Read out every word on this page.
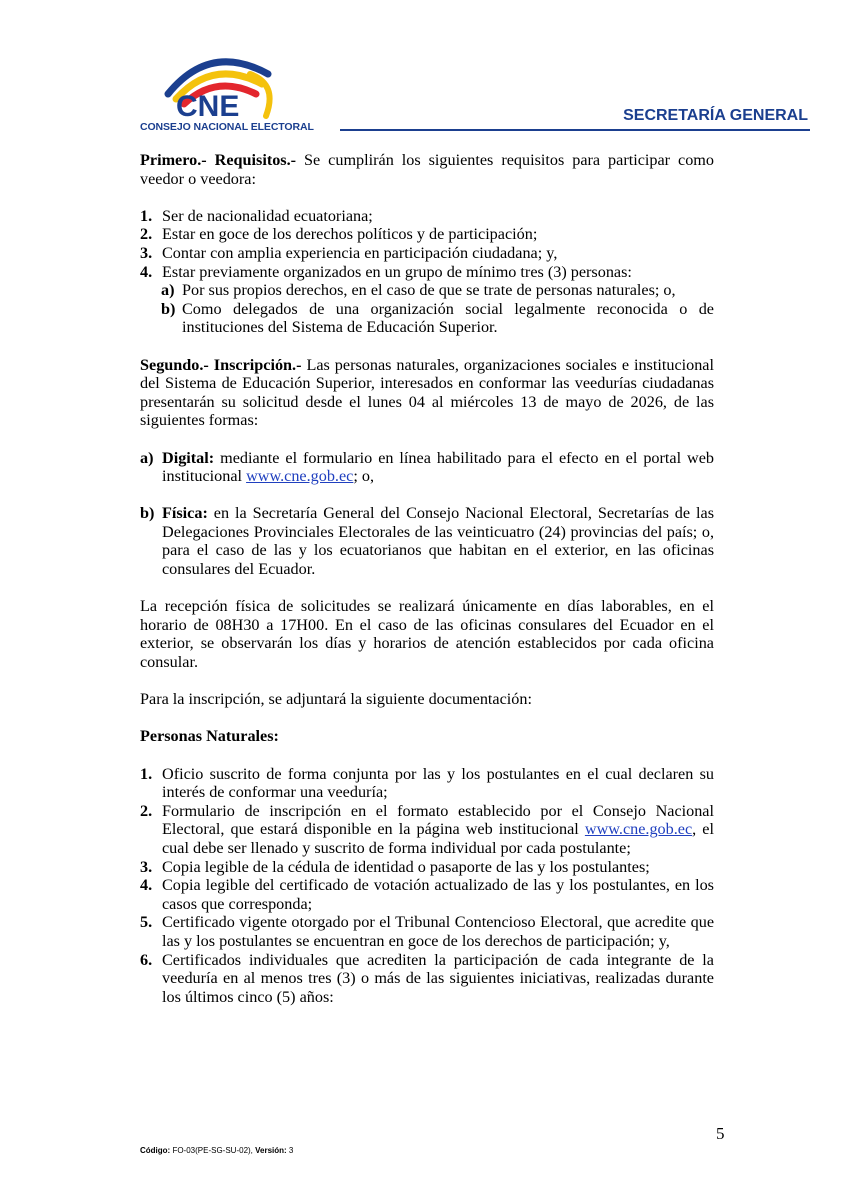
CNE
CONSEJO NACIONAL ELECTORAL
SECRETARÍA GENERAL

Primero.- Requisitos.- Se cumplirán los siguientes requisitos para participar como veedor o veedora:

1. Ser de nacionalidad ecuatoriana;
2. Estar en goce de los derechos políticos y de participación;
3. Contar con amplia experiencia en participación ciudadana; y,
4. Estar previamente organizados en un grupo de mínimo tres (3) personas:
a) Por sus propios derechos, en el caso de que se trate de personas naturales; o,
b) Como delegados de una organización social legalmente reconocida o de instituciones del Sistema de Educación Superior.

Segundo.- Inscripción.- Las personas naturales, organizaciones sociales e institucional del Sistema de Educación Superior, interesados en conformar las veedurías ciudadanas presentarán su solicitud desde el lunes 04 al miércoles 13 de mayo de 2026, de las siguientes formas:

a) Digital: mediante el formulario en línea habilitado para el efecto en el portal web institucional www.cne.gob.ec; o,
b) Física: en la Secretaría General del Consejo Nacional Electoral, Secretarías de las Delegaciones Provinciales Electorales de las veinticuatro (24) provincias del país; o, para el caso de las y los ecuatorianos que habitan en el exterior, en las oficinas consulares del Ecuador.

La recepción física de solicitudes se realizará únicamente en días laborables, en el horario de 08H30 a 17H00. En el caso de las oficinas consulares del Ecuador en el exterior, se observarán los días y horarios de atención establecidos por cada oficina consular.

Para la inscripción, se adjuntará la siguiente documentación:

Personas Naturales:

1. Oficio suscrito de forma conjunta por las y los postulantes en el cual declaren su interés de conformar una veeduría;
2. Formulario de inscripción en el formato establecido por el Consejo Nacional Electoral, que estará disponible en la página web institucional www.cne.gob.ec, el cual debe ser llenado y suscrito de forma individual por cada postulante;
3. Copia legible de la cédula de identidad o pasaporte de las y los postulantes;
4. Copia legible del certificado de votación actualizado de las y los postulantes, en los casos que corresponda;
5. Certificado vigente otorgado por el Tribunal Contencioso Electoral, que acredite que las y los postulantes se encuentran en goce de los derechos de participación; y,
6. Certificados individuales que acrediten la participación de cada integrante de la veeduría en al menos tres (3) o más de las siguientes iniciativas, realizadas durante los últimos cinco (5) años:
5
Código: FO-03(PE-SG-SU-02), Versión: 3
